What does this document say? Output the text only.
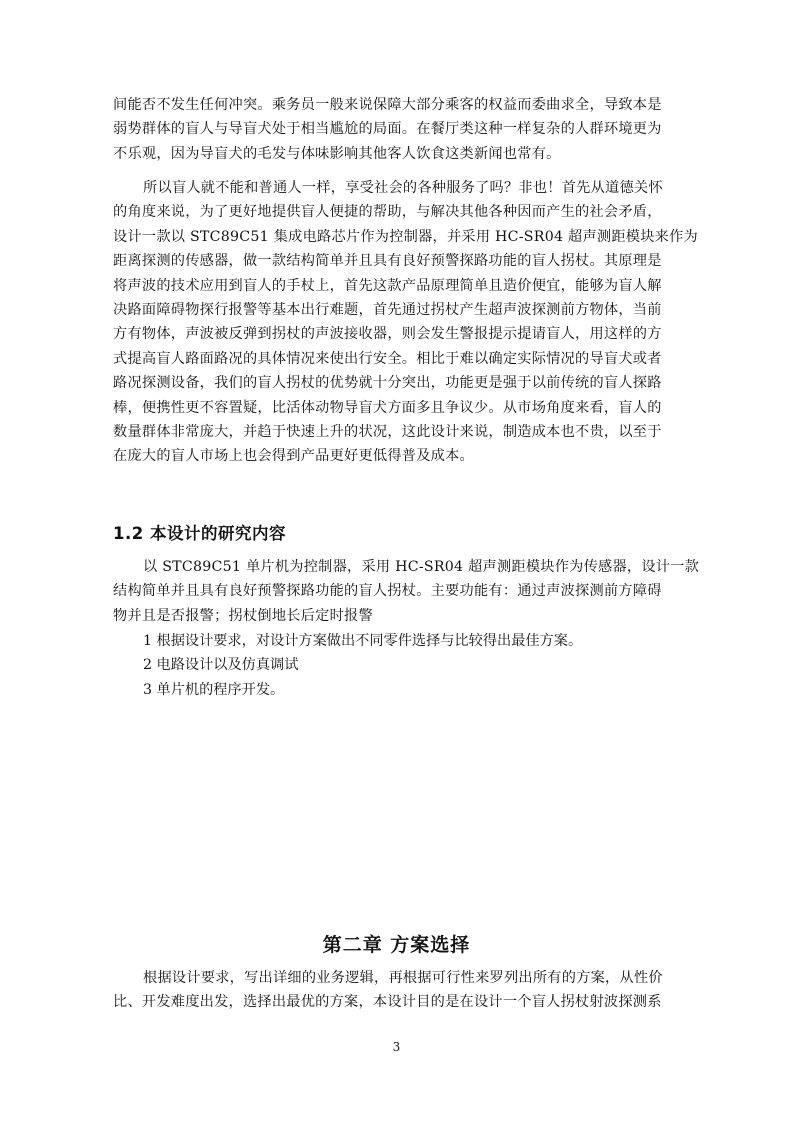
间能否不发生任何冲突。乘务员一般来说保障大部分乘客的权益而委曲求全，导致本是
弱势群体的盲人与导盲犬处于相当尴尬的局面。在餐厅类这种一样复杂的人群环境更为
不乐观，因为导盲犬的毛发与体味影响其他客人饮食这类新闻也常有。

所以盲人就不能和普通人一样，享受社会的各种服务了吗？非也！首先从道德关怀
的角度来说，为了更好地提供盲人便捷的帮助，与解决其他各种因而产生的社会矛盾，
设计一款以 STC89C51 集成电路芯片作为控制器，并采用 HC-SR04 超声测距模块来作为
距离探测的传感器，做一款结构简单并且具有良好预警探路功能的盲人拐杖。其原理是
将声波的技术应用到盲人的手杖上，首先这款产品原理简单且造价便宜，能够为盲人解
决路面障碍物探行报警等基本出行难题，首先通过拐杖产生超声波探测前方物体，当前
方有物体，声波被反弹到拐杖的声波接收器，则会发生警报提示提请盲人，用这样的方
式提高盲人路面路况的具体情况来使出行安全。相比于难以确定实际情况的导盲犬或者
路况探测设备，我们的盲人拐杖的优势就十分突出，功能更是强于以前传统的盲人探路
棒，便携性更不容置疑，比活体动物导盲犬方面多且争议少。从市场角度来看，盲人的
数量群体非常庞大，并趋于快速上升的状况，这此设计来说，制造成本也不贵，以至于
在庞大的盲人市场上也会得到产品更好更低得普及成本。

1.2 本设计的研究内容

以 STC89C51 单片机为控制器，采用 HC-SR04 超声测距模块作为传感器，设计一款
结构简单并且具有良好预警探路功能的盲人拐杖。主要功能有：通过声波探测前方障碍
物并且是否报警；拐杖倒地长后定时报警

1 根据设计要求，对设计方案做出不同零件选择与比较得出最佳方案。
2 电路设计以及仿真调试
3 单片机的程序开发。
第二章 方案选择

根据设计要求，写出详细的业务逻辑，再根据可行性来罗列出所有的方案，从性价
比、开发难度出发，选择出最优的方案，本设计目的是在设计一个盲人拐杖射波探测系

3
